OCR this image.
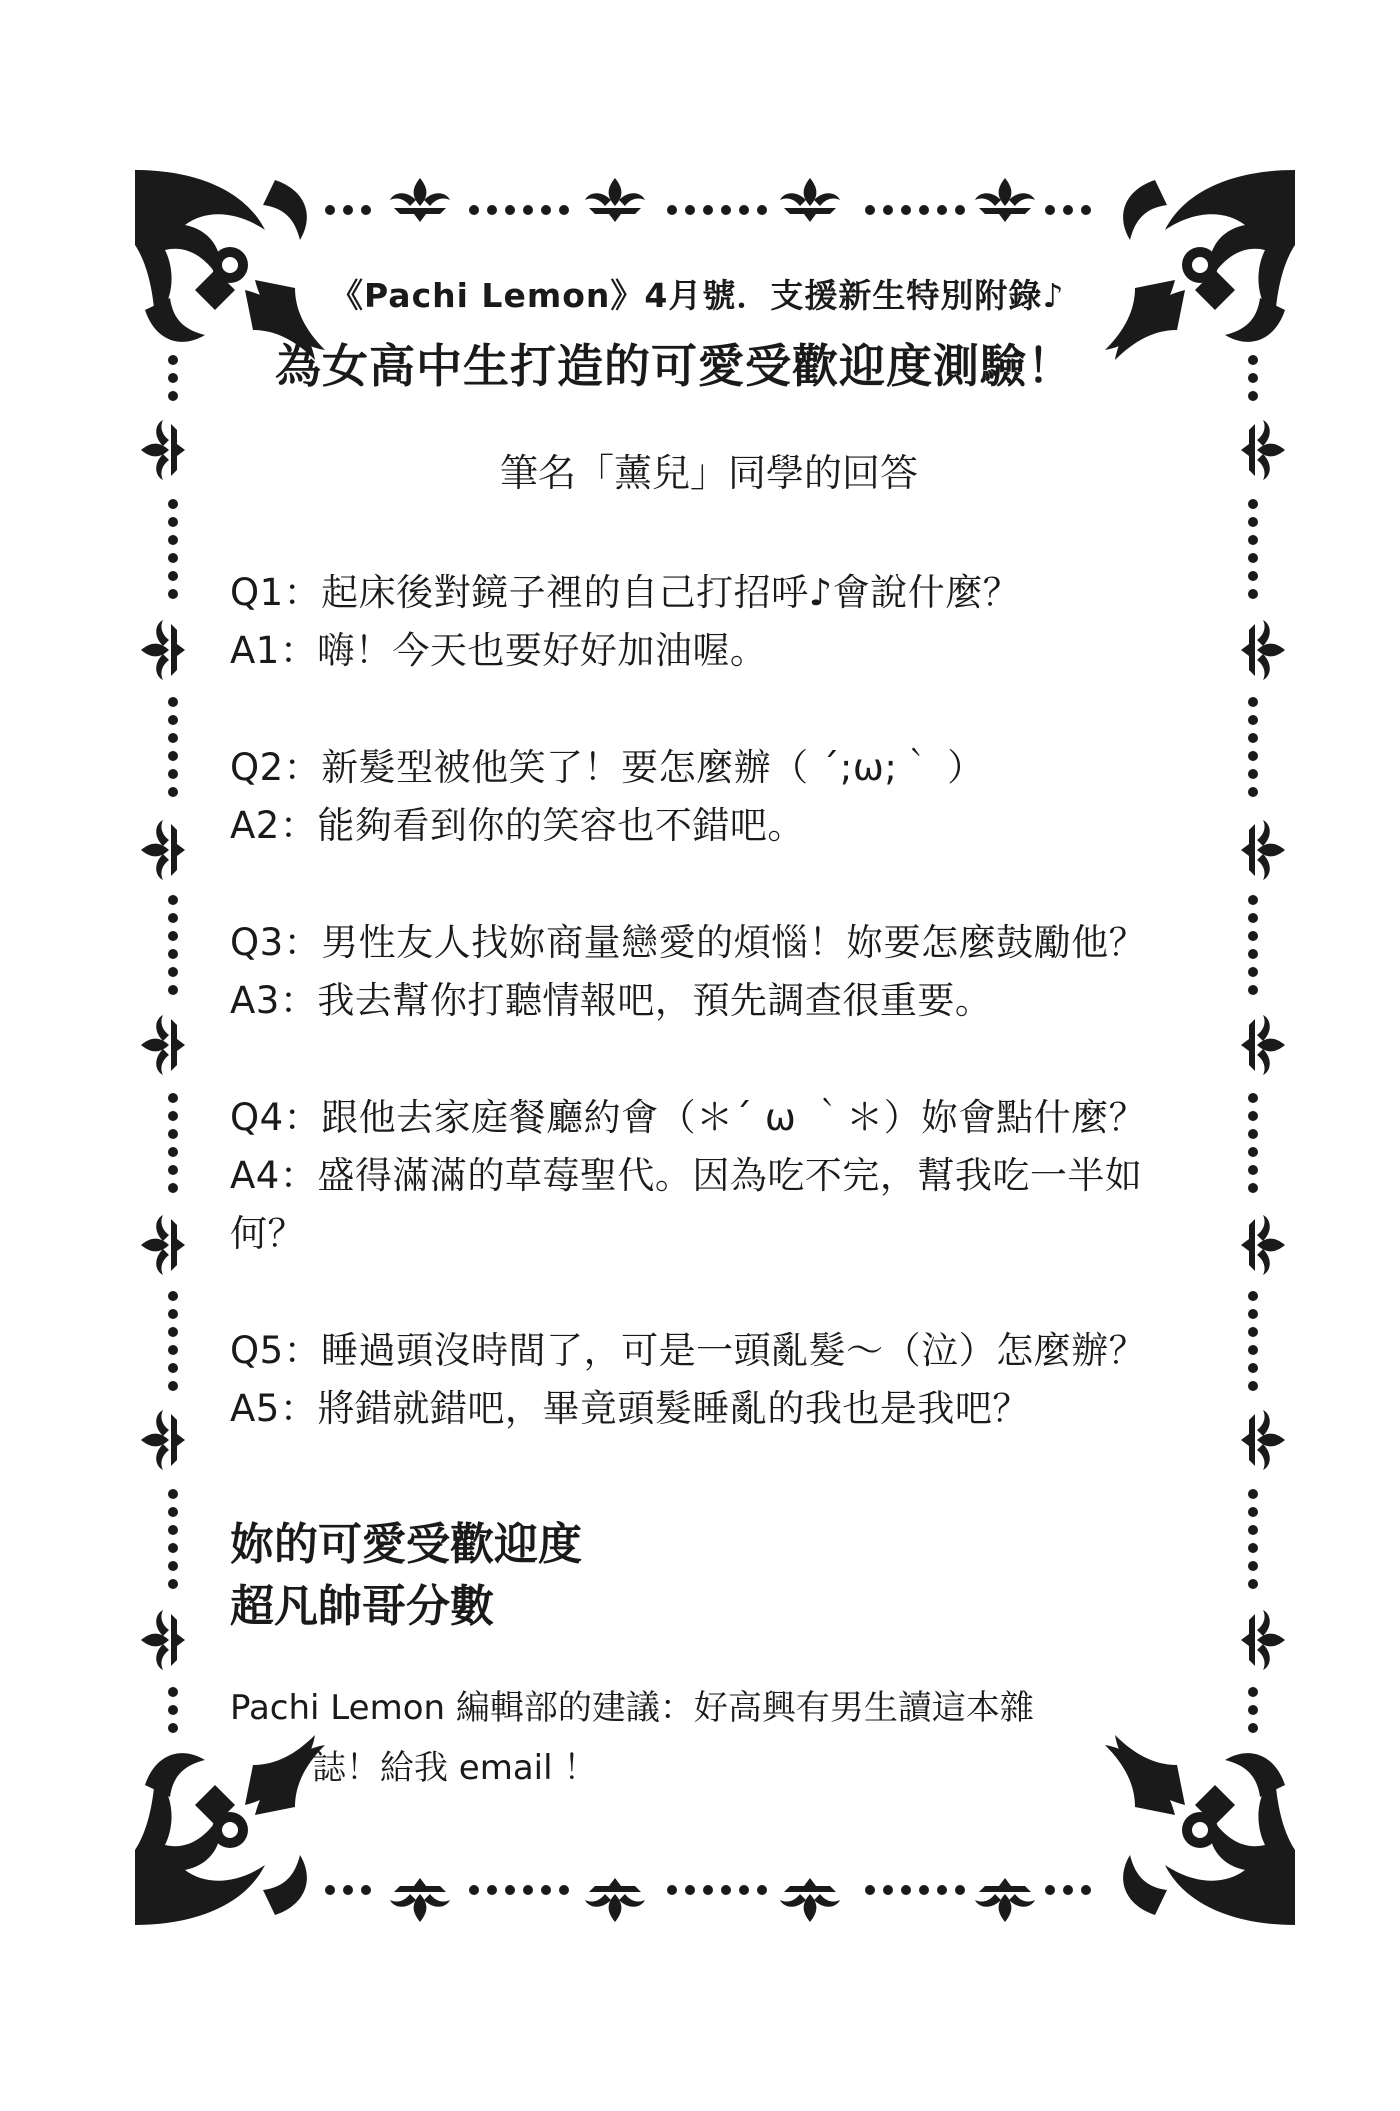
《Pachi Lemon》4月號．支援新生特別附錄♪
為女高中生打造的可愛受歡迎度測驗！
筆名「薰兒」同學的回答
Q1：起床後對鏡子裡的自己打招呼♪會說什麼？
A1：嗨！今天也要好好加油喔。
Q2：新髮型被他笑了！要怎麼辦（ ´;ω;｀ ）
A2：能夠看到你的笑容也不錯吧。
Q3：男性友人找妳商量戀愛的煩惱！妳要怎麼鼓勵他？
A3：我去幫你打聽情報吧，預先調查很重要。
Q4：跟他去家庭餐廳約會（＊´ ω ｀＊）妳會點什麼？
A4：盛得滿滿的草莓聖代。因為吃不完，幫我吃一半如
何？
Q5：睡過頭沒時間了，可是一頭亂髮～（泣）怎麼辦？
A5：將錯就錯吧，畢竟頭髮睡亂的我也是我吧？
妳的可愛受歡迎度
超凡帥哥分數
Pachi Lemon 編輯部的建議：好高興有男生讀這本雜
誌！給我 email ！
